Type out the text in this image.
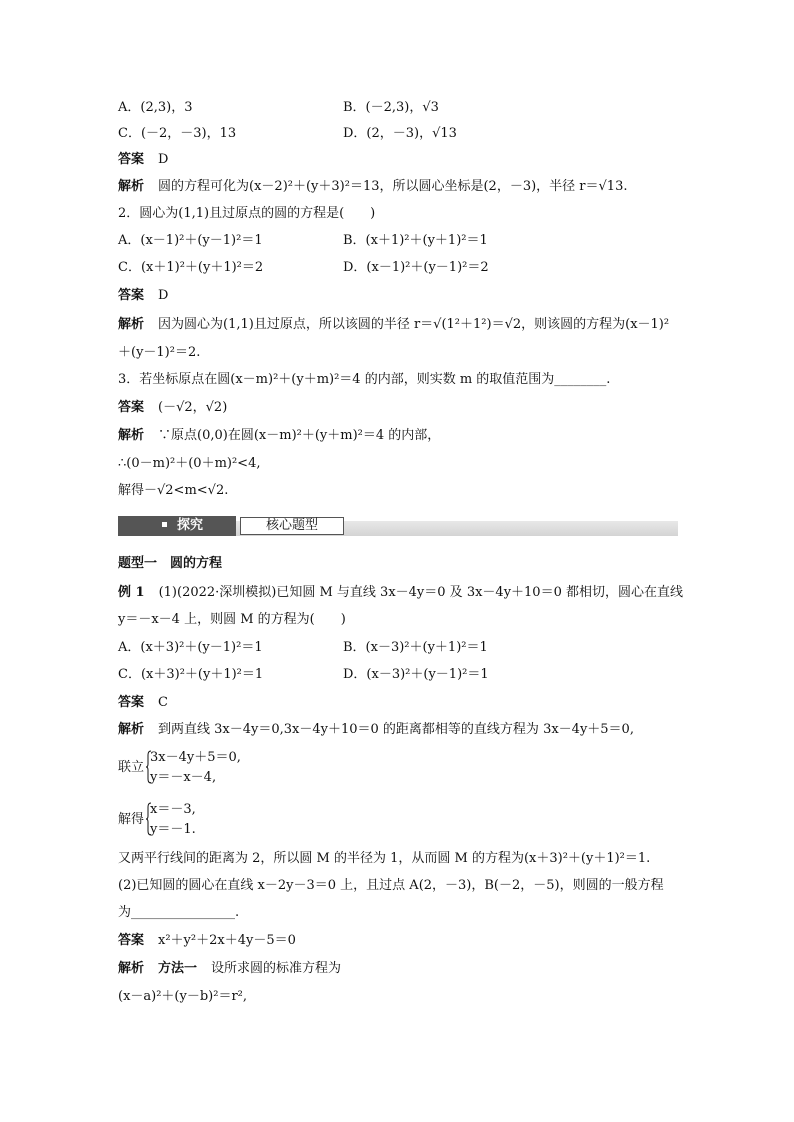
A．(2,3)，3	B．(－2,3)，√3
C．(－2，－3)，13	D．(2，－3)，√13
答案 D
解析 圆的方程可化为(x－2)²＋(y＋3)²＝13，所以圆心坐标是(2，－3)，半径 r＝√13.
2．圆心为(1,1)且过原点的圆的方程是(　　)
A．(x－1)²＋(y－1)²＝1	B．(x＋1)²＋(y＋1)²＝1
C．(x＋1)²＋(y＋1)²＝2	D．(x－1)²＋(y－1)²＝2
答案 D
解析 因为圆心为(1,1)且过原点，所以该圆的半径 r＝√(1²＋1²)＝√2，则该圆的方程为(x－1)²
＋(y－1)²＝2.
3．若坐标原点在圆(x－m)²＋(y＋m)²＝4 的内部，则实数 m 的取值范围为________.
答案 (－√2，√2)
解析 ∵原点(0,0)在圆(x－m)²＋(y＋m)²＝4 的内部，
∴(0－m)²＋(0＋m)²<4,
解得－√2<m<√2.
探究	核心题型
题型一　圆的方程
例 1 (1)(2022·深圳模拟)已知圆 M 与直线 3x－4y＝0 及 3x－4y＋10＝0 都相切，圆心在直线
y＝－x－4 上，则圆 M 的方程为(　　)
A．(x＋3)²＋(y－1)²＝1	B．(x－3)²＋(y＋1)²＝1
C．(x＋3)²＋(y＋1)²＝1	D．(x－3)²＋(y－1)²＝1
答案 C
解析 到两直线 3x－4y＝0,3x－4y＋10＝0 的距离都相等的直线方程为 3x－4y＋5＝0,
联立
3x－4y＋5＝0,
y＝－x－4,
解得
x＝－3,
y＝－1.
又两平行线间的距离为 2，所以圆 M 的半径为 1，从而圆 M 的方程为(x＋3)²＋(y＋1)²＝1.
(2)已知圆的圆心在直线 x－2y－3＝0 上，且过点 A(2，－3)，B(－2，－5)，则圆的一般方程
为________________.
答案 x²＋y²＋2x＋4y－5＝0
解析 方法一 设所求圆的标准方程为
(x－a)²＋(y－b)²＝r²,
